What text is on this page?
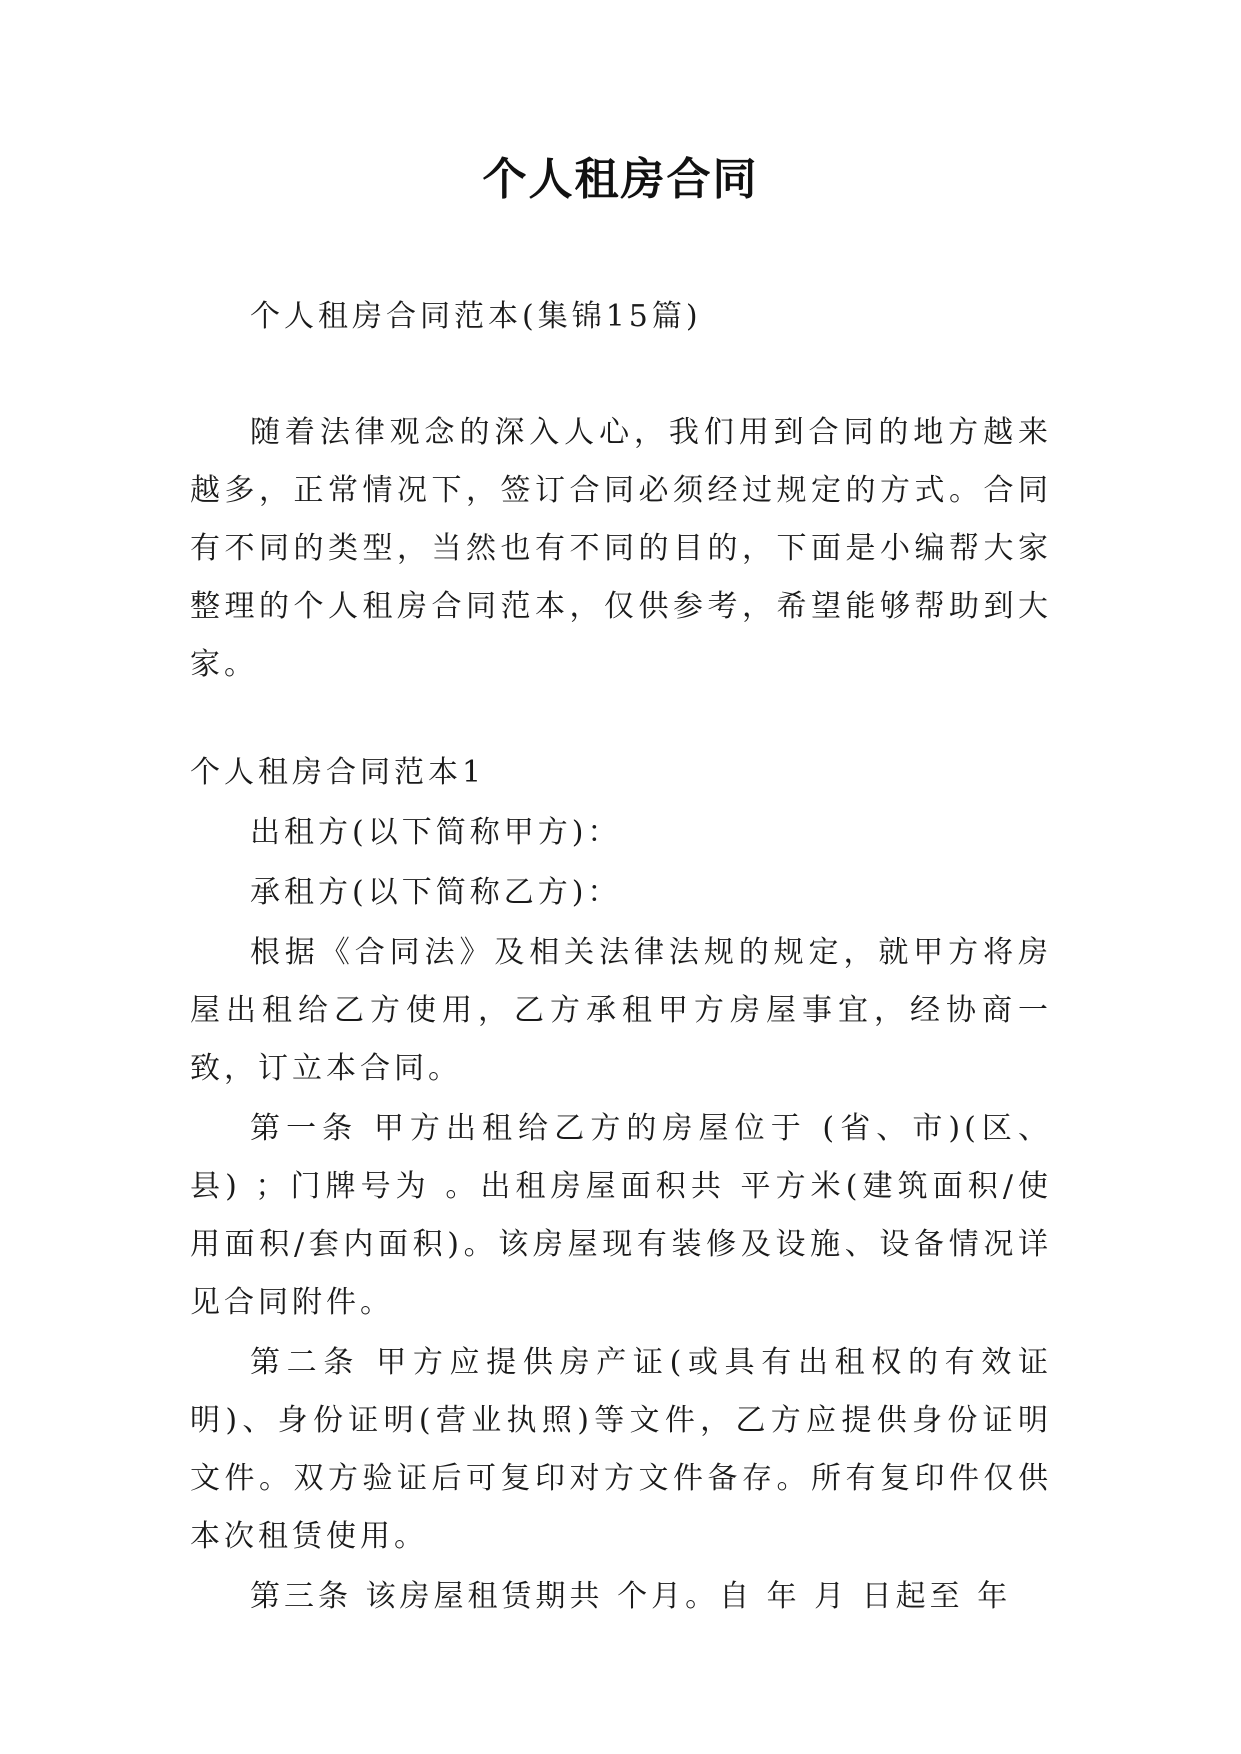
个人租房合同

个人租房合同范本(集锦15篇)

随着法律观念的深入人心，我们用到合同的地方越来越多，正常情况下，签订合同必须经过规定的方式。合同有不同的类型，当然也有不同的目的，下面是小编帮大家整理的个人租房合同范本，仅供参考，希望能够帮助到大家。

个人租房合同范本1

出租方(以下简称甲方)：

承租方(以下简称乙方)：

根据《合同法》及相关法律法规的规定，就甲方将房屋出租给乙方使用，乙方承租甲方房屋事宜，经协商一致，订立本合同。

第一条 甲方出租给乙方的房屋位于 (省、市)(区、县) ；门牌号为 。出租房屋面积共 平方米(建筑面积/使用面积/套内面积)。该房屋现有装修及设施、设备情况详见合同附件。

第二条 甲方应提供房产证(或具有出租权的有效证明)、身份证明(营业执照)等文件，乙方应提供身份证明文件。双方验证后可复印对方文件备存。所有复印件仅供本次租赁使用。

第三条 该房屋租赁期共 个月。自 年 月 日起至 年
